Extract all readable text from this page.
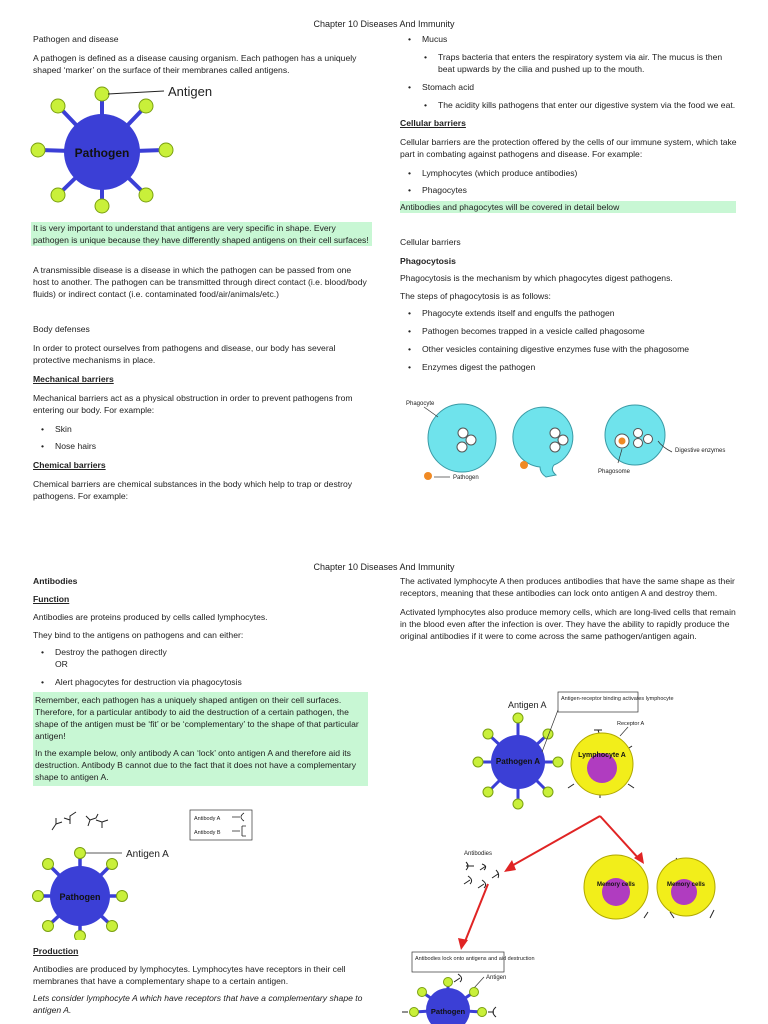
Chapter 10 Diseases And Immunity

Pathogen and disease

A pathogen is defined as a disease causing organism. Each pathogen has a uniquely shaped ‘marker’ on the surface of their membranes called antigens.

Antigen
Pathogen
It is very important to understand that antigens are very specific in shape. Every pathogen is unique because they have differently shaped antigens on their cell surfaces!

A transmissible disease is a disease in which the pathogen can be passed from one host to another. The pathogen can be transmitted through direct contact (i.e. blood/body fluids) or indirect contact (i.e. contaminated food/air/animals/etc.)

Body defenses

In order to protect ourselves from pathogens and disease, our body has several protective mechanisms in place.

Mechanical barriers

Mechanical barriers act as a physical obstruction in order to prevent pathogens from entering our body. For example:

• Skin
• Nose hairs

Chemical barriers

Chemical barriers are chemical substances in the body which help to trap or destroy pathogens. For example:

• Mucus
• Traps bacteria that enters the respiratory system via air. The mucus is then beat upwards by the cilia and pushed up to the mouth.
• Stomach acid
• The acidity kills pathogens that enter our digestive system via the food we eat.

Cellular barriers

Cellular barriers are the protection offered by the cells of our immune system, which take part in combating against pathogens and disease. For example:

• Lymphocytes (which produce antibodies)
• Phagocytes
Antibodies and phagocytes will be covered in detail below

Cellular barriers

Phagocytosis

Phagocytosis is the mechanism by which phagocytes digest pathogens.

The steps of phagocytosis is as follows:

• Phagocyte extends itself and engulfs the pathogen
• Pathogen becomes trapped in a vesicle called phagosome
• Other vesicles containing digestive enzymes fuse with the phagosome
• Enzymes digest the pathogen
Phagocyte
Pathogen
Digestive enzymes
Phagosome
Chapter 10 Diseases And Immunity

Antibodies

Function

Antibodies are proteins produced by cells called lymphocytes.

They bind to the antigens on pathogens and can either:

• Destroy the pathogen directly
OR
• Alert phagocytes for destruction via phagocytosis

Remember, each pathogen has a uniquely shaped antigen on their cell surfaces. Therefore, for a particular antibody to aid the destruction of a certain pathogen, the shape of the antigen must be ‘fit’ or be ‘complementary’ to the shape of that particular antigen!

In the example below, only antibody A can ‘lock’ onto antigen A and therefore aid its destruction. Antibody B cannot due to the fact that it does not have a complementary shape to antigen A.

Antibody A
Antibody B
Antigen A
Pathogen

Production

Antibodies are produced by lymphocytes. Lymphocytes have receptors in their cell membranes that have a complementary shape to a certain antigen.

Lets consider lymphocyte A which have receptors that have a complementary shape to antigen A.

The activated lymphocyte A then produces antibodies that have the same shape as their receptors, meaning that these antibodies can lock onto antigen A and destroy them.

Activated lymphocytes also produce memory cells, which are long-lived cells that remain in the blood even after the infection is over. They have the ability to rapidly produce the original antibodies if it were to come across the same pathogen/antigen again.

Antigen A
Pathogen A
Antigen-receptor binding activates lymphocyte
Receptor A
Lymphocyte A
Antibodies
Memory cells	Memory cells
Antibodies lock onto antigens and aid destruction
Antigen
Pathogen
